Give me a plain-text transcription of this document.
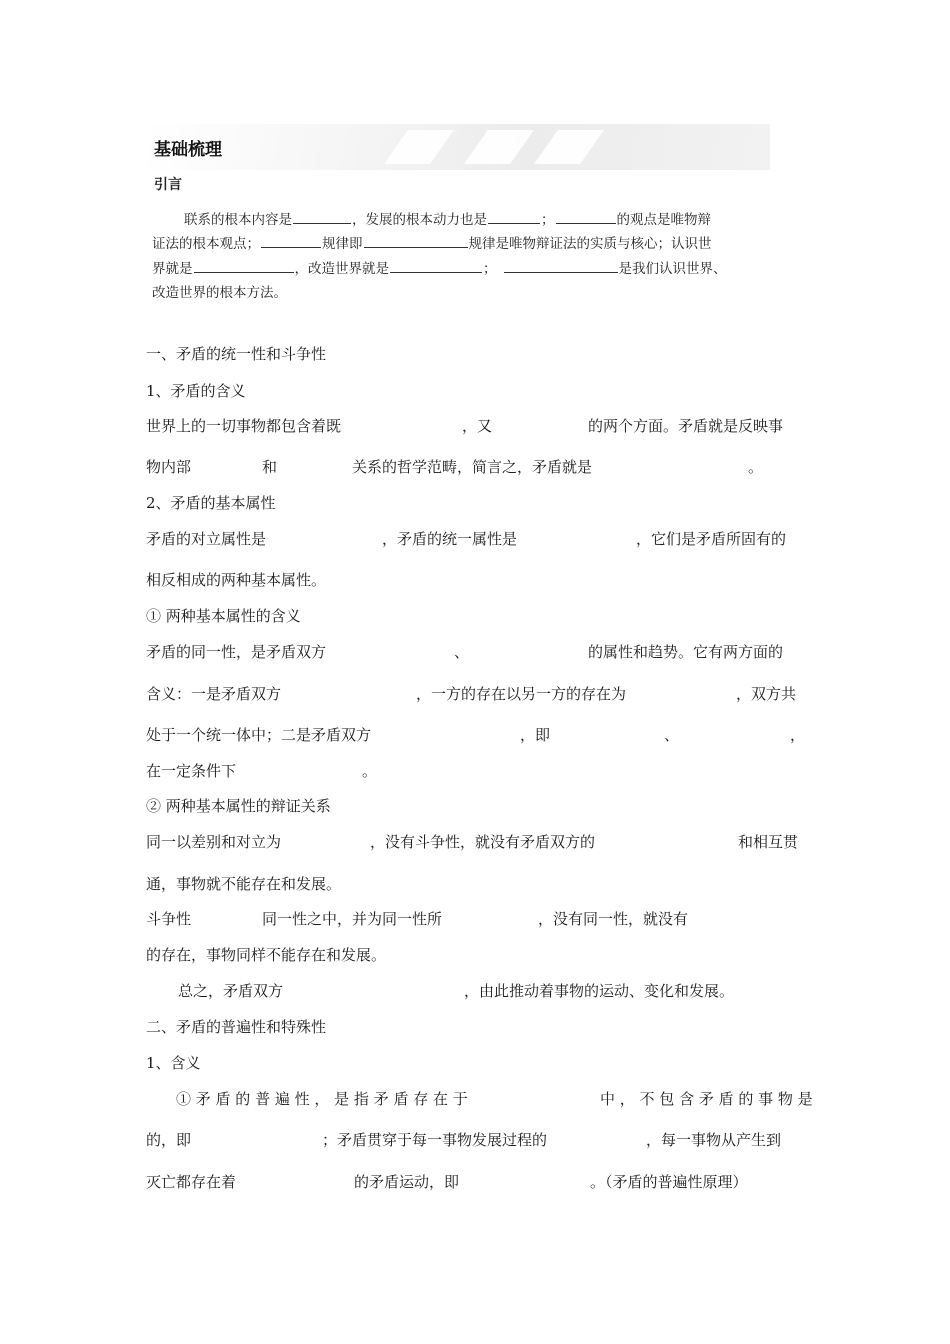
基础梳理
引言
联系的根本内容是	，发展的根本动力也是	；	的观点是唯物辩
证法的根本观点；	规律即	规律是唯物辩证法的实质与核心；认识世
界就是	，改造世界就是	；	是我们认识世界、
改造世界的根本方法。
一、矛盾的统一性和斗争性
1、矛盾的含义
世界上的一切事物都包含着既	，又	的两个方面。矛盾就是反映事
物内部	和	关系的哲学范畴，简言之，矛盾就是	。
2、矛盾的基本属性
矛盾的对立属性是	，矛盾的统一属性是	，它们是矛盾所固有的
相反相成的两种基本属性。
① 两种基本属性的含义
矛盾的同一性，是矛盾双方	、	的属性和趋势。它有两方面的
含义：一是矛盾双方	，一方的存在以另一方的存在为	，双方共
处于一个统一体中；二是矛盾双方	，即	、	，
在一定条件下	。
② 两种基本属性的辩证关系
同一以差别和对立为	，没有斗争性，就没有矛盾双方的	和相互贯
通，事物就不能存在和发展。
斗争性	同一性之中，并为同一性所	，没有同一性，就没有
的存在，事物同样不能存在和发展。
总之，矛盾双方	，由此推动着事物的运动、变化和发展。
二、矛盾的普遍性和特殊性
1、含义
① 矛 盾 的 普 遍 性 ， 是 指 矛 盾 存 在 于	中 ， 不 包 含 矛 盾 的 事 物 是
的，即	；矛盾贯穿于每一事物发展过程的	，每一事物从产生到
灭亡都存在着	的矛盾运动，即	。（矛盾的普遍性原理）
